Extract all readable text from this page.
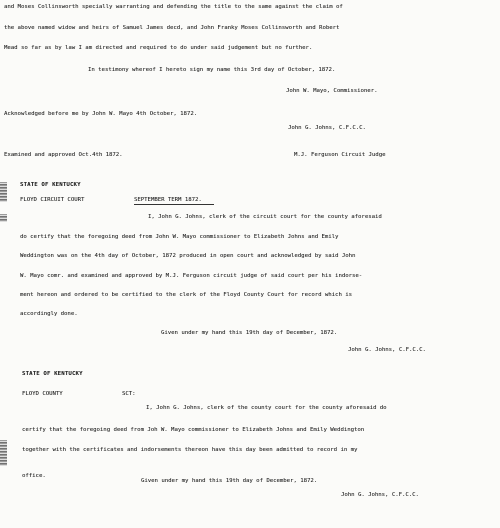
and Moses Collinsworth specially warranting and defending the title to the same against the claim of
the above named widow and heirs of Samuel James decd, and John Franky Moses Collinsworth and Robert
Mead so far as by law I am directed and required to do under said judgement but no further.
In testimony whereof I hereto sign my name this 3rd day of October, 1872.
John W. Mayo, Commissioner.
Acknowledged before me by John W. Mayo 4th October, 1872.
John G. Johns, C.F.C.C.
Examined and approved Oct.4th 1872.	M.J. Ferguson Circuit Judge
STATE OF KENTUCKY
FLOYD CIRCUIT COURT	SEPTEMBER TERM 1872.
I, John G. Johns, clerk of the circuit court for the county aforesaid
do certify that the foregoing deed from John W. Mayo commissioner to Elizabeth Johns and Emily
Weddington was on the 4th day of October, 1872 produced in open court and acknowledged by said John
W. Mayo comr. and examined and approved by M.J. Ferguson circuit judge of said court per his indorse-
ment hereon and ordered to be certified to the clerk of the Floyd County Court for record which is
accordingly done.
Given under my hand this 19th day of December, 1872.
John G. Johns, C.F.C.C.
STATE OF KENTUCKY
FLOYD COUNTY	SCT:
I, John G. Johns, clerk of the county court for the county aforesaid do
certify that the foregoing deed from Joh W. Mayo commissioner to Elizabeth Johns and Emily Weddington
together with the certificates and indorsements thereon have this day been admitted to record in my
office.
Given under my hand this 19th day of December, 1872.
John G. Johns, C.F.C.C.
